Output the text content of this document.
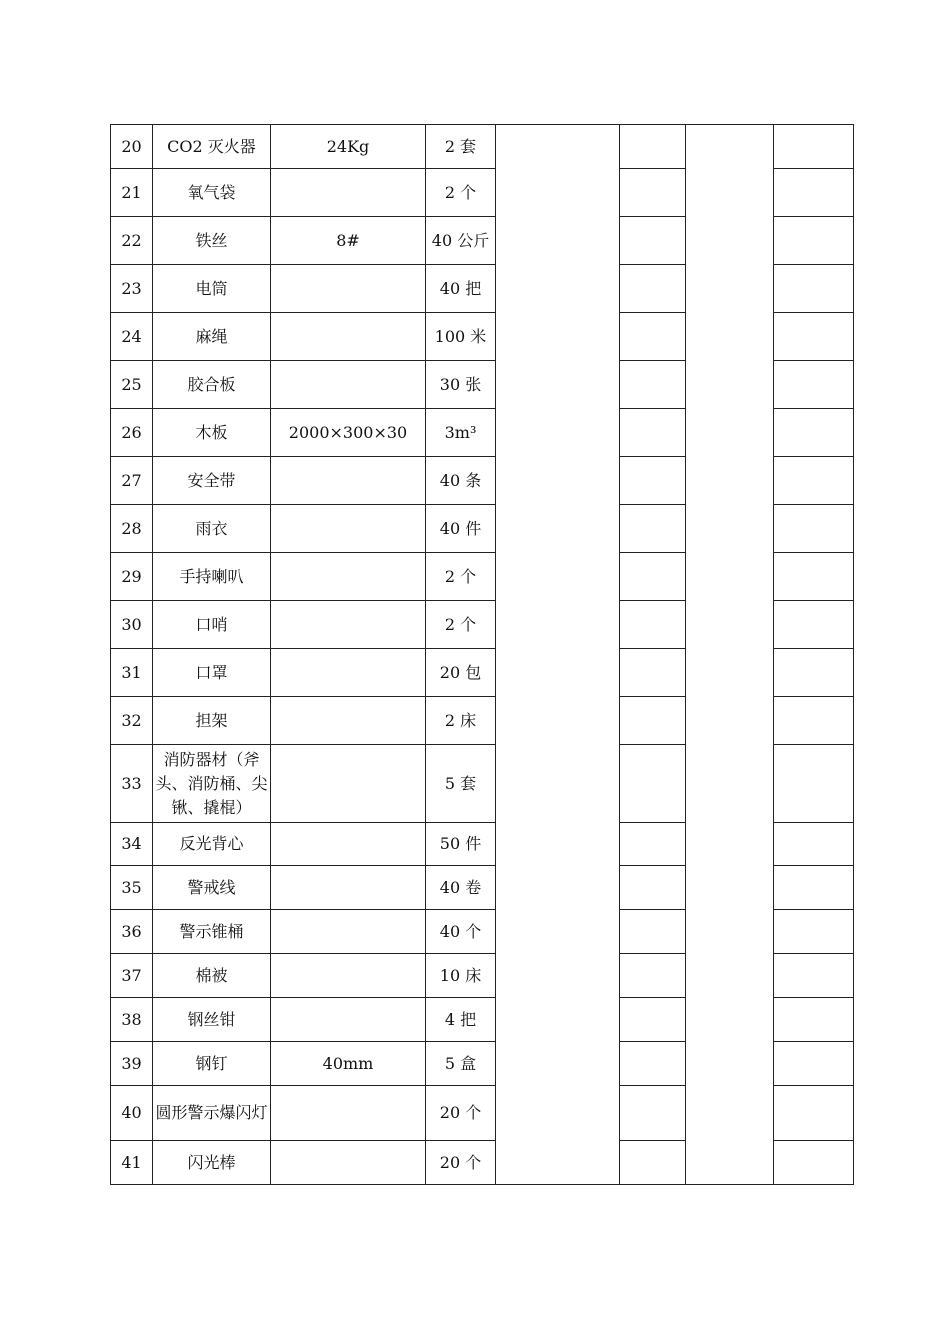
20	CO2 灭火器	24Kg	2 套				
21	氧气袋		2 个				
22	铁丝	8#	40 公斤				
23	电筒		40 把				
24	麻绳		100 米				
25	胶合板		30 张				
26	木板	2000×300×30	3m³				
27	安全带		40 条				
28	雨衣		40 件				
29	手持喇叭		2 个				
30	口哨		2 个				
31	口罩		20 包				
32	担架		2 床				
33	消防器材（斧头、消防桶、尖锹、撬棍）		5 套				
34	反光背心		50 件				
35	警戒线		40 卷				
36	警示锥桶		40 个				
37	棉被		10 床				
38	钢丝钳		4 把				
39	钢钉	40mm	5 盒				
40	圆形警示爆闪灯		20 个				
41	闪光棒		20 个				
